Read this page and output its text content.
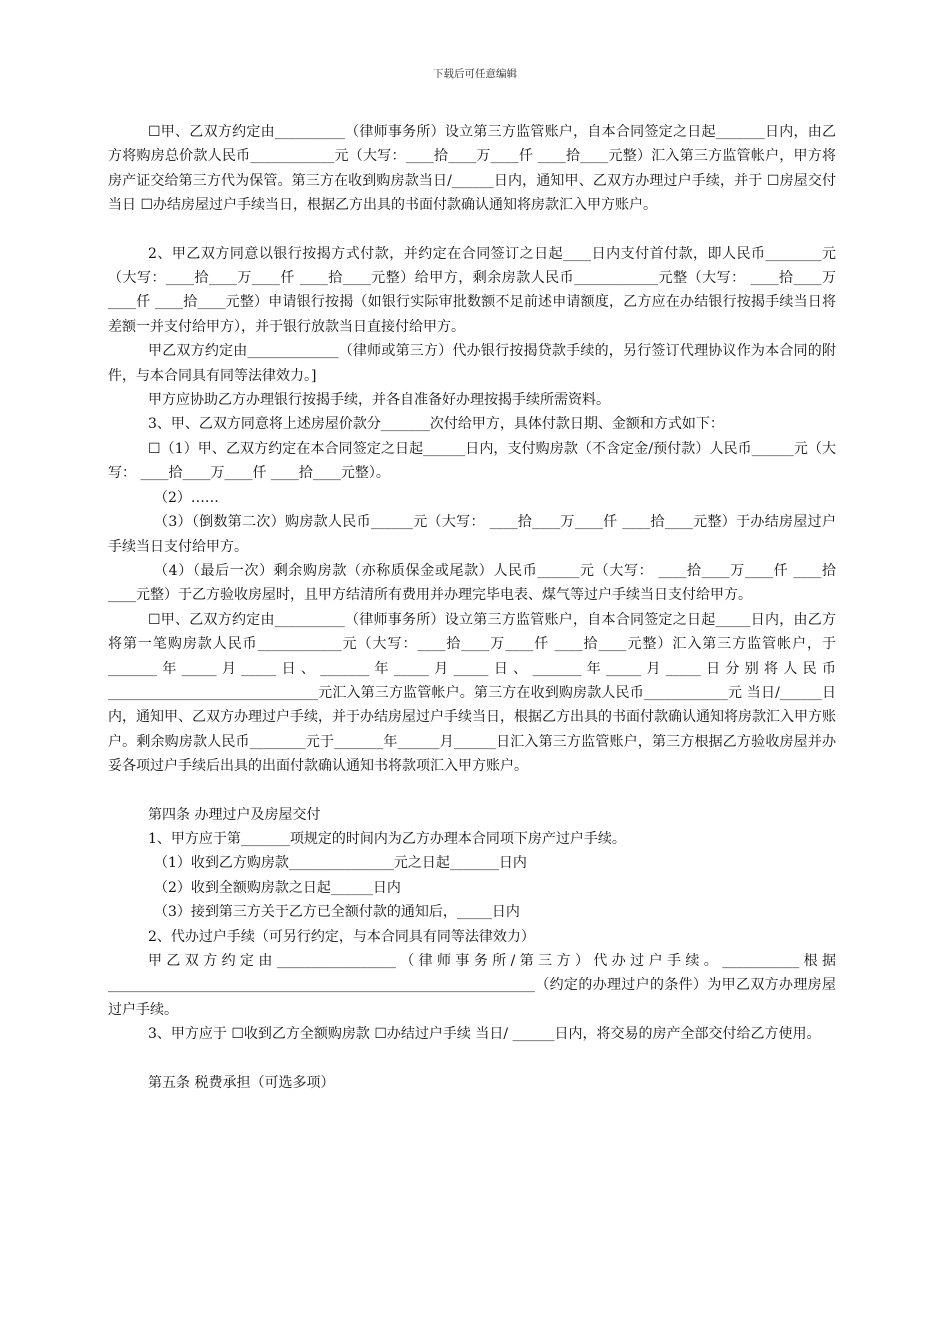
下载后可任意编辑

☐甲、乙双方约定由__________（律师事务所）设立第三方监管账户，自本合同签定之日起_______日内，由乙方将购房总价款人民币____________元（大写：____拾____万____仟 ____拾____元整）汇入第三方监管帐户，甲方将房产证交给第三方代为保管。第三方在收到购房款当日/______日内，通知甲、乙双方办理过户手续，并于 ☐房屋交付当日 ☐办结房屋过户手续当日，根据乙方出具的书面付款确认通知将房款汇入甲方账户。

2、甲乙双方同意以银行按揭方式付款，并约定在合同签订之日起____日内支付首付款，即人民币________元（大写：____拾____万____仟 ____拾____元整）给甲方，剩余房款人民币____________元整（大写： ____拾____万____仟 ____拾____元整）申请银行按揭（如银行实际审批数额不足前述申请额度，乙方应在办结银行按揭手续当日将差额一并支付给甲方），并于银行放款当日直接付给甲方。

甲乙双方约定由_____________（律师或第三方）代办银行按揭贷款手续的，另行签订代理协议作为本合同的附件，与本合同具有同等法律效力。]

甲方应协助乙方办理银行按揭手续，并各自准备好办理按揭手续所需资料。

3、甲、乙双方同意将上述房屋价款分_______次付给甲方，具体付款日期、金额和方式如下：

☐（1）甲、乙双方约定在本合同签定之日起______日内，支付购房款（不含定金/预付款）人民币______元（大写： ____拾____万____仟 ____拾____元整）。

（2）……

（3）（倒数第二次）购房款人民币______元（大写： ____拾____万____仟 ____拾____元整）于办结房屋过户手续当日支付给甲方。

（4）（最后一次）剩余购房款（亦称质保金或尾款）人民币______元（大写： ____拾____万____仟 ____拾____元整）于乙方验收房屋时，且甲方结清所有费用并办理完毕电表、煤气等过户手续当日支付给甲方。

☐甲、乙双方约定由__________（律师事务所）设立第三方监管账户，自本合同签定之日起_____日内，由乙方将第一笔购房款人民币____________元（大写：____拾____万____仟 ____拾____元整）汇入第三方监管帐户，于_______年_____月_____日、_______年_____月_____日、_______年_____月_____日分别将人民币______________________________元汇入第三方监管帐户。第三方在收到购房款人民币____________元 当日/______日内，通知甲、乙双方办理过户手续，并于办结房屋过户手续当日，根据乙方出具的书面付款确认通知将房款汇入甲方账户。剩余购房款人民币________元于_______年______月______日汇入第三方监管账户，第三方根据乙方验收房屋并办妥各项过户手续后出具的出面付款确认通知书将款项汇入甲方账户。

第四条 办理过户及房屋交付

1、甲方应于第_______项规定的时间内为乙方办理本合同项下房产过户手续。

（1）收到乙方购房款_______________元之日起_______日内

（2）收到全额购房款之日起______日内

（3）接到第三方关于乙方已全额付款的通知后，_____日内

2、代办过户手续（可另行约定，与本合同具有同等法律效力）

甲乙双方约定由_________________（律师事务所/第三方）代办过户手续。___________根据_____________________________________________________________（约定的办理过户的条件）为甲乙双方办理房屋过户手续。

3、甲方应于 ☐收到乙方全额购房款 ☐办结过户手续 当日/ ______日内，将交易的房产全部交付给乙方使用。

第五条 税费承担（可选多项）
